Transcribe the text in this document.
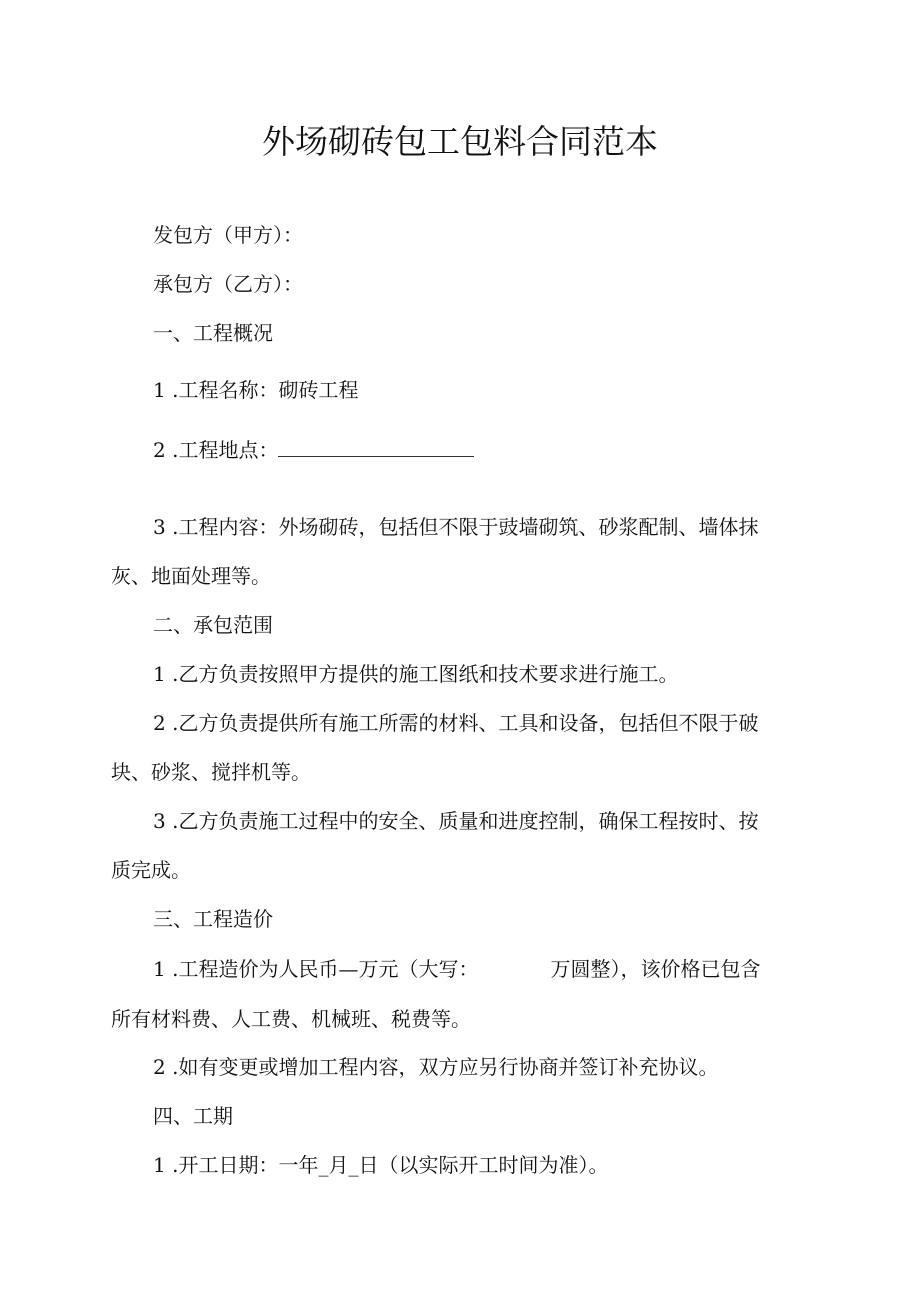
外场砌砖包工包料合同范本

发包方（甲方）：

承包方（乙方）：

一、工程概况

1 .工程名称：砌砖工程

2 .工程地点：

3 .工程内容：外场砌砖，包括但不限于豉墙砌筑、砂浆配制、墙体抹

灰、地面处理等。

二、承包范围

1 .乙方负责按照甲方提供的施工图纸和技术要求进行施工。

2 .乙方负责提供所有施工所需的材料、工具和设备，包括但不限于破

块、砂浆、搅拌机等。

3 .乙方负责施工过程中的安全、质量和进度控制，确保工程按时、按

质完成。

三、工程造价

1 .工程造价为人民币—万元（大写：	万圆整），该价格已包含

所有材料费、人工费、机械班、税费等。

2 .如有变更或增加工程内容，双方应另行协商并签订补充协议。

四、工期

1 .开工日期：一年_月_日（以实际开工时间为准）。
